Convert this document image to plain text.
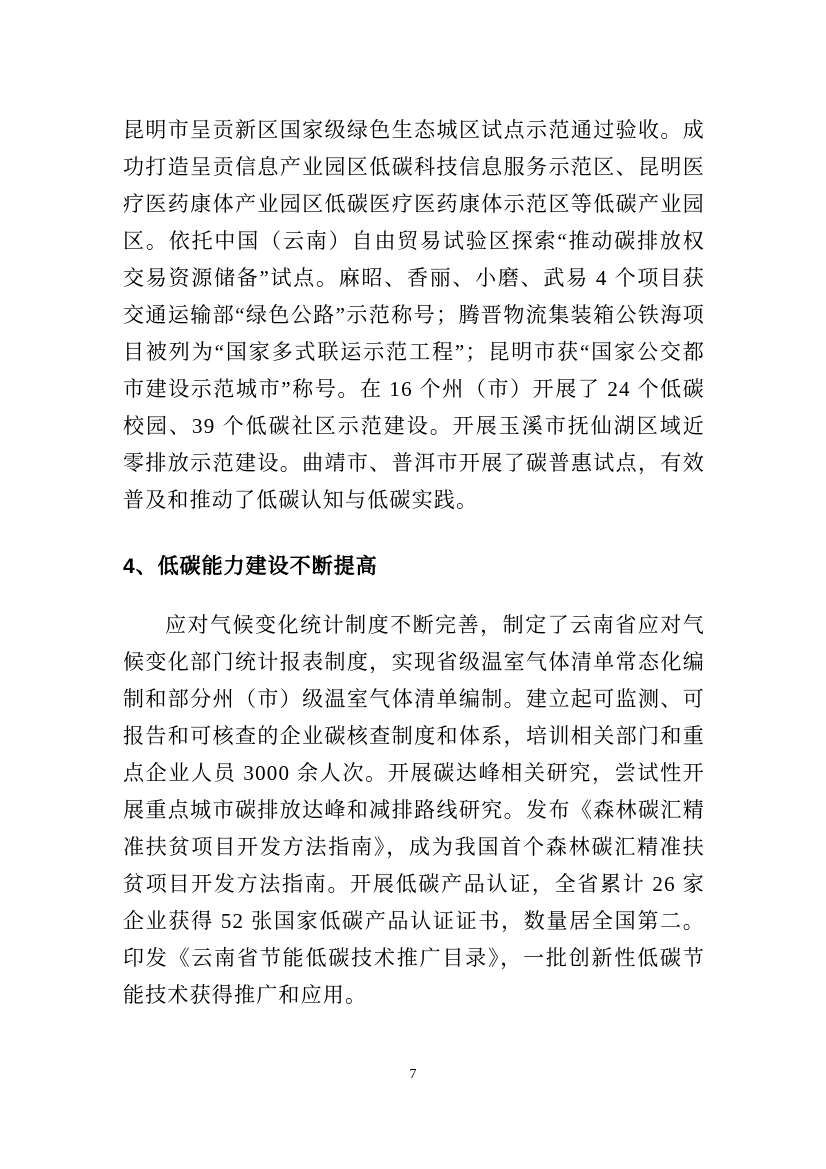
昆明市呈贡新区国家级绿色生态城区试点示范通过验收。成功打造呈贡信息产业园区低碳科技信息服务示范区、昆明医疗医药康体产业园区低碳医疗医药康体示范区等低碳产业园区。依托中国（云南）自由贸易试验区探索“推动碳排放权交易资源储备”试点。麻昭、香丽、小磨、武易 4 个项目获交通运输部“绿色公路”示范称号；腾晋物流集装箱公铁海项目被列为“国家多式联运示范工程”；昆明市获“国家公交都市建设示范城市”称号。在 16 个州（市）开展了 24 个低碳校园、39 个低碳社区示范建设。开展玉溪市抚仙湖区域近零排放示范建设。曲靖市、普洱市开展了碳普惠试点，有效普及和推动了低碳认知与低碳实践。

4、低碳能力建设不断提高

应对气候变化统计制度不断完善，制定了云南省应对气候变化部门统计报表制度，实现省级温室气体清单常态化编制和部分州（市）级温室气体清单编制。建立起可监测、可报告和可核查的企业碳核查制度和体系，培训相关部门和重点企业人员 3000 余人次。开展碳达峰相关研究，尝试性开展重点城市碳排放达峰和减排路线研究。发布《森林碳汇精准扶贫项目开发方法指南》，成为我国首个森林碳汇精准扶贫项目开发方法指南。开展低碳产品认证，全省累计 26 家企业获得 52 张国家低碳产品认证证书，数量居全国第二。印发《云南省节能低碳技术推广目录》，一批创新性低碳节能技术获得推广和应用。

7
